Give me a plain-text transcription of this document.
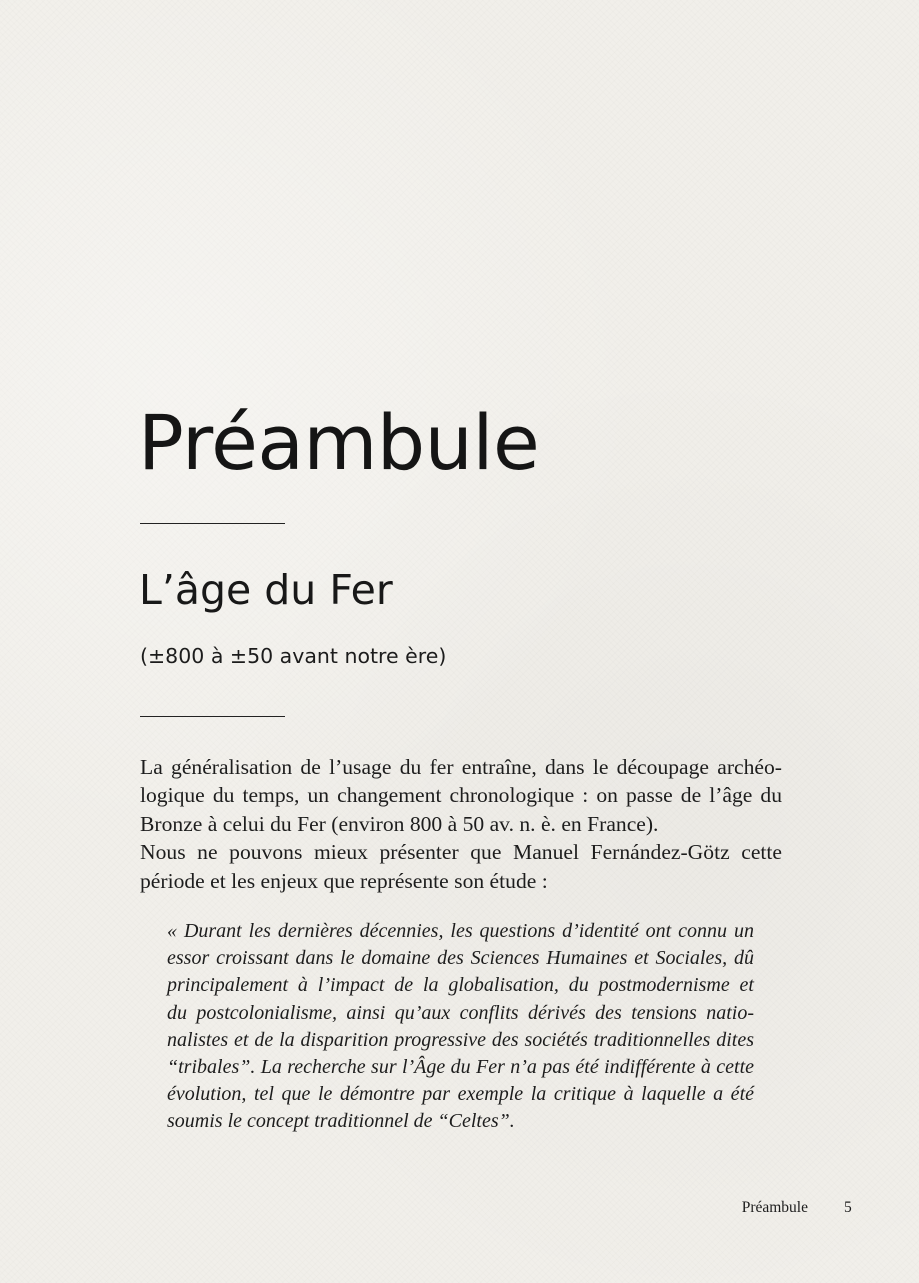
Préambule
L’âge du Fer

(±800 à ±50 avant notre ère)

La généralisation de l’usage du fer entraîne, dans le découpage archéo-
logique du temps, un changement chronologique : on passe de l’âge du
Bronze à celui du Fer (environ 800 à 50 av. n. è. en France).
Nous ne pouvons mieux présenter que Manuel Fernández-Götz cette
période et les enjeux que représente son étude :
« Durant les dernières décennies, les questions d’identité ont connu un
essor croissant dans le domaine des Sciences Humaines et Sociales, dû
principalement à l’impact de la globalisation, du postmodernisme et
du postcolonialisme, ainsi qu’aux conflits dérivés des tensions natio-
nalistes et de la disparition progressive des sociétés traditionnelles dites
“tribales”. La recherche sur l’Âge du Fer n’a pas été indifférente à cette
évolution, tel que le démontre par exemple la critique à laquelle a été
soumis le concept traditionnel de “Celtes”.
Préambule 5
